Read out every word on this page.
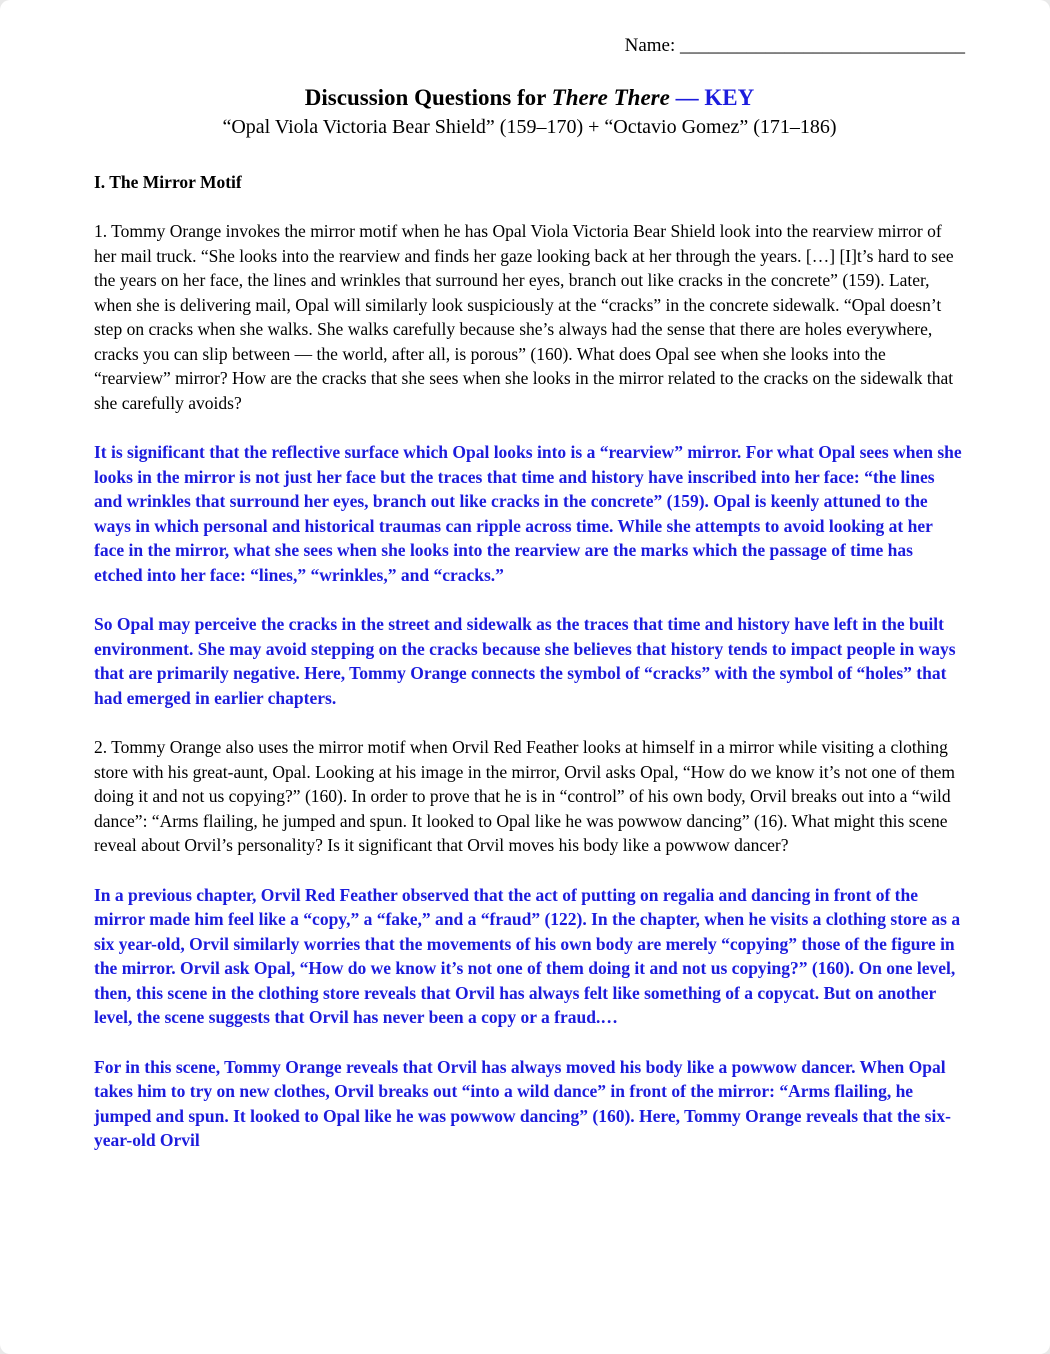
Name: ______________________________
Discussion Questions for There There — KEY
“Opal Viola Victoria Bear Shield” (159–170) + “Octavio Gomez” (171–186)
I. The Mirror Motif

1. Tommy Orange invokes the mirror motif when he has Opal Viola Victoria Bear Shield look into the rearview mirror of her mail truck. “She looks into the rearview and finds her gaze looking back at her through the years. […] [I]t’s hard to see the years on her face, the lines and wrinkles that surround her eyes, branch out like cracks in the concrete” (159). Later, when she is delivering mail, Opal will similarly look suspiciously at the “cracks” in the concrete sidewalk. “Opal doesn’t step on cracks when she walks. She walks carefully because she’s always had the sense that there are holes everywhere, cracks you can slip between — the world, after all, is porous” (160). What does Opal see when she looks into the “rearview” mirror? How are the cracks that she sees when she looks in the mirror related to the cracks on the sidewalk that she carefully avoids?

It is significant that the reflective surface which Opal looks into is a “rearview” mirror. For what Opal sees when she looks in the mirror is not just her face but the traces that time and history have inscribed into her face: “the lines and wrinkles that surround her eyes, branch out like cracks in the concrete” (159). Opal is keenly attuned to the ways in which personal and historical traumas can ripple across time. While she attempts to avoid looking at her face in the mirror, what she sees when she looks into the rearview are the marks which the passage of time has etched into her face: “lines,” “wrinkles,” and “cracks.”

So Opal may perceive the cracks in the street and sidewalk as the traces that time and history have left in the built environment. She may avoid stepping on the cracks because she believes that history tends to impact people in ways that are primarily negative. Here, Tommy Orange connects the symbol of “cracks” with the symbol of “holes” that had emerged in earlier chapters.

2. Tommy Orange also uses the mirror motif when Orvil Red Feather looks at himself in a mirror while visiting a clothing store with his great-aunt, Opal. Looking at his image in the mirror, Orvil asks Opal, “How do we know it’s not one of them doing it and not us copying?” (160). In order to prove that he is in “control” of his own body, Orvil breaks out into a “wild dance”: “Arms flailing, he jumped and spun. It looked to Opal like he was powwow dancing” (16). What might this scene reveal about Orvil’s personality? Is it significant that Orvil moves his body like a powwow dancer?

In a previous chapter, Orvil Red Feather observed that the act of putting on regalia and dancing in front of the mirror made him feel like a “copy,” a “fake,” and a “fraud” (122). In the chapter, when he visits a clothing store as a six year-old, Orvil similarly worries that the movements of his own body are merely “copying” those of the figure in the mirror. Orvil ask Opal, “How do we know it’s not one of them doing it and not us copying?” (160). On one level, then, this scene in the clothing store reveals that Orvil has always felt like something of a copycat. But on another level, the scene suggests that Orvil has never been a copy or a fraud.…

For in this scene, Tommy Orange reveals that Orvil has always moved his body like a powwow dancer. When Opal takes him to try on new clothes, Orvil breaks out “into a wild dance” in front of the mirror: “Arms flailing, he jumped and spun. It looked to Opal like he was powwow dancing” (160). Here, Tommy Orange reveals that the six-year-old Orvil
